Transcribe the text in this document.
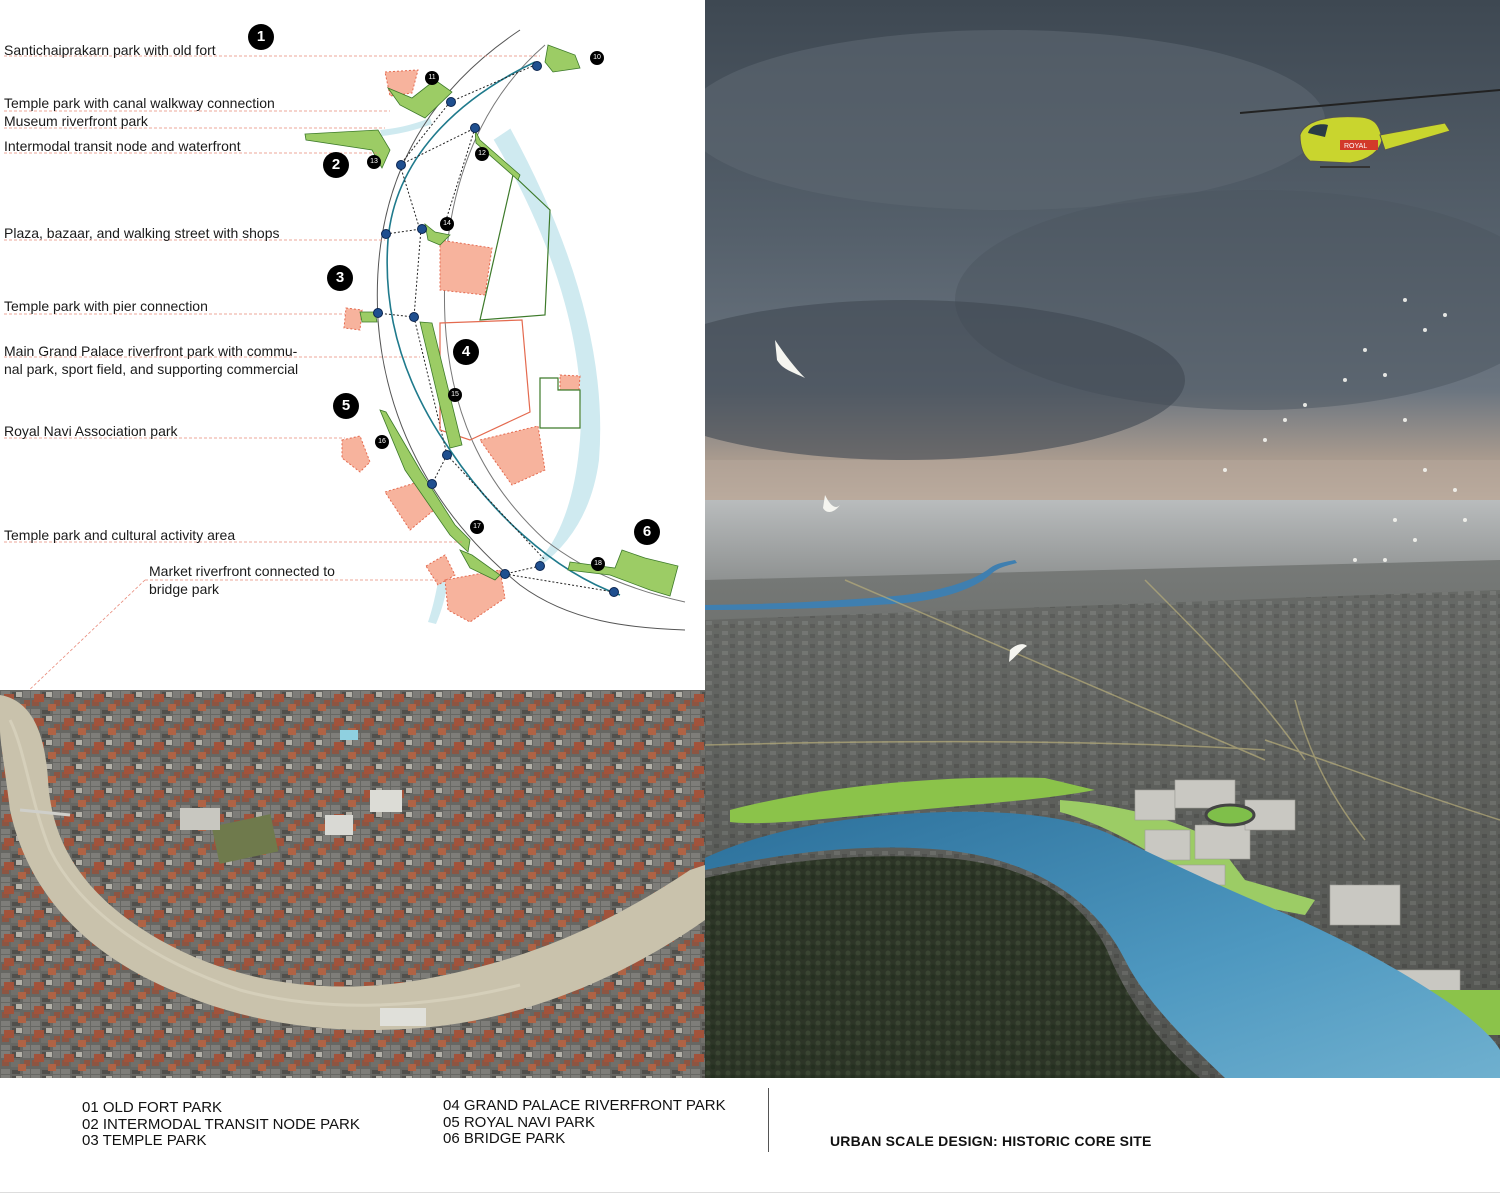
Santichaiprakarn park with old fort
Temple park with canal walkway connection
Museum riverfront park
Intermodal transit node and waterfront
Plaza, bazaar, and walking street with shops
Temple park with pier connection
Main Grand Palace riverfront park with commu-
nal park, sport field, and supporting commercial
Royal Navi Association park
Temple park and cultural activity area
Market riverfront connected to
bridge park
1
2
3
4
5
6
10
11
12
13
14
15
16
17
18
ROYAL
01 OLD FORT PARK
02 INTERMODAL TRANSIT NODE PARK
03 TEMPLE PARK
04 GRAND PALACE RIVERFRONT PARK
05 ROYAL NAVI PARK
06 BRIDGE PARK	URBAN SCALE DESIGN: HISTORIC CORE SITE
